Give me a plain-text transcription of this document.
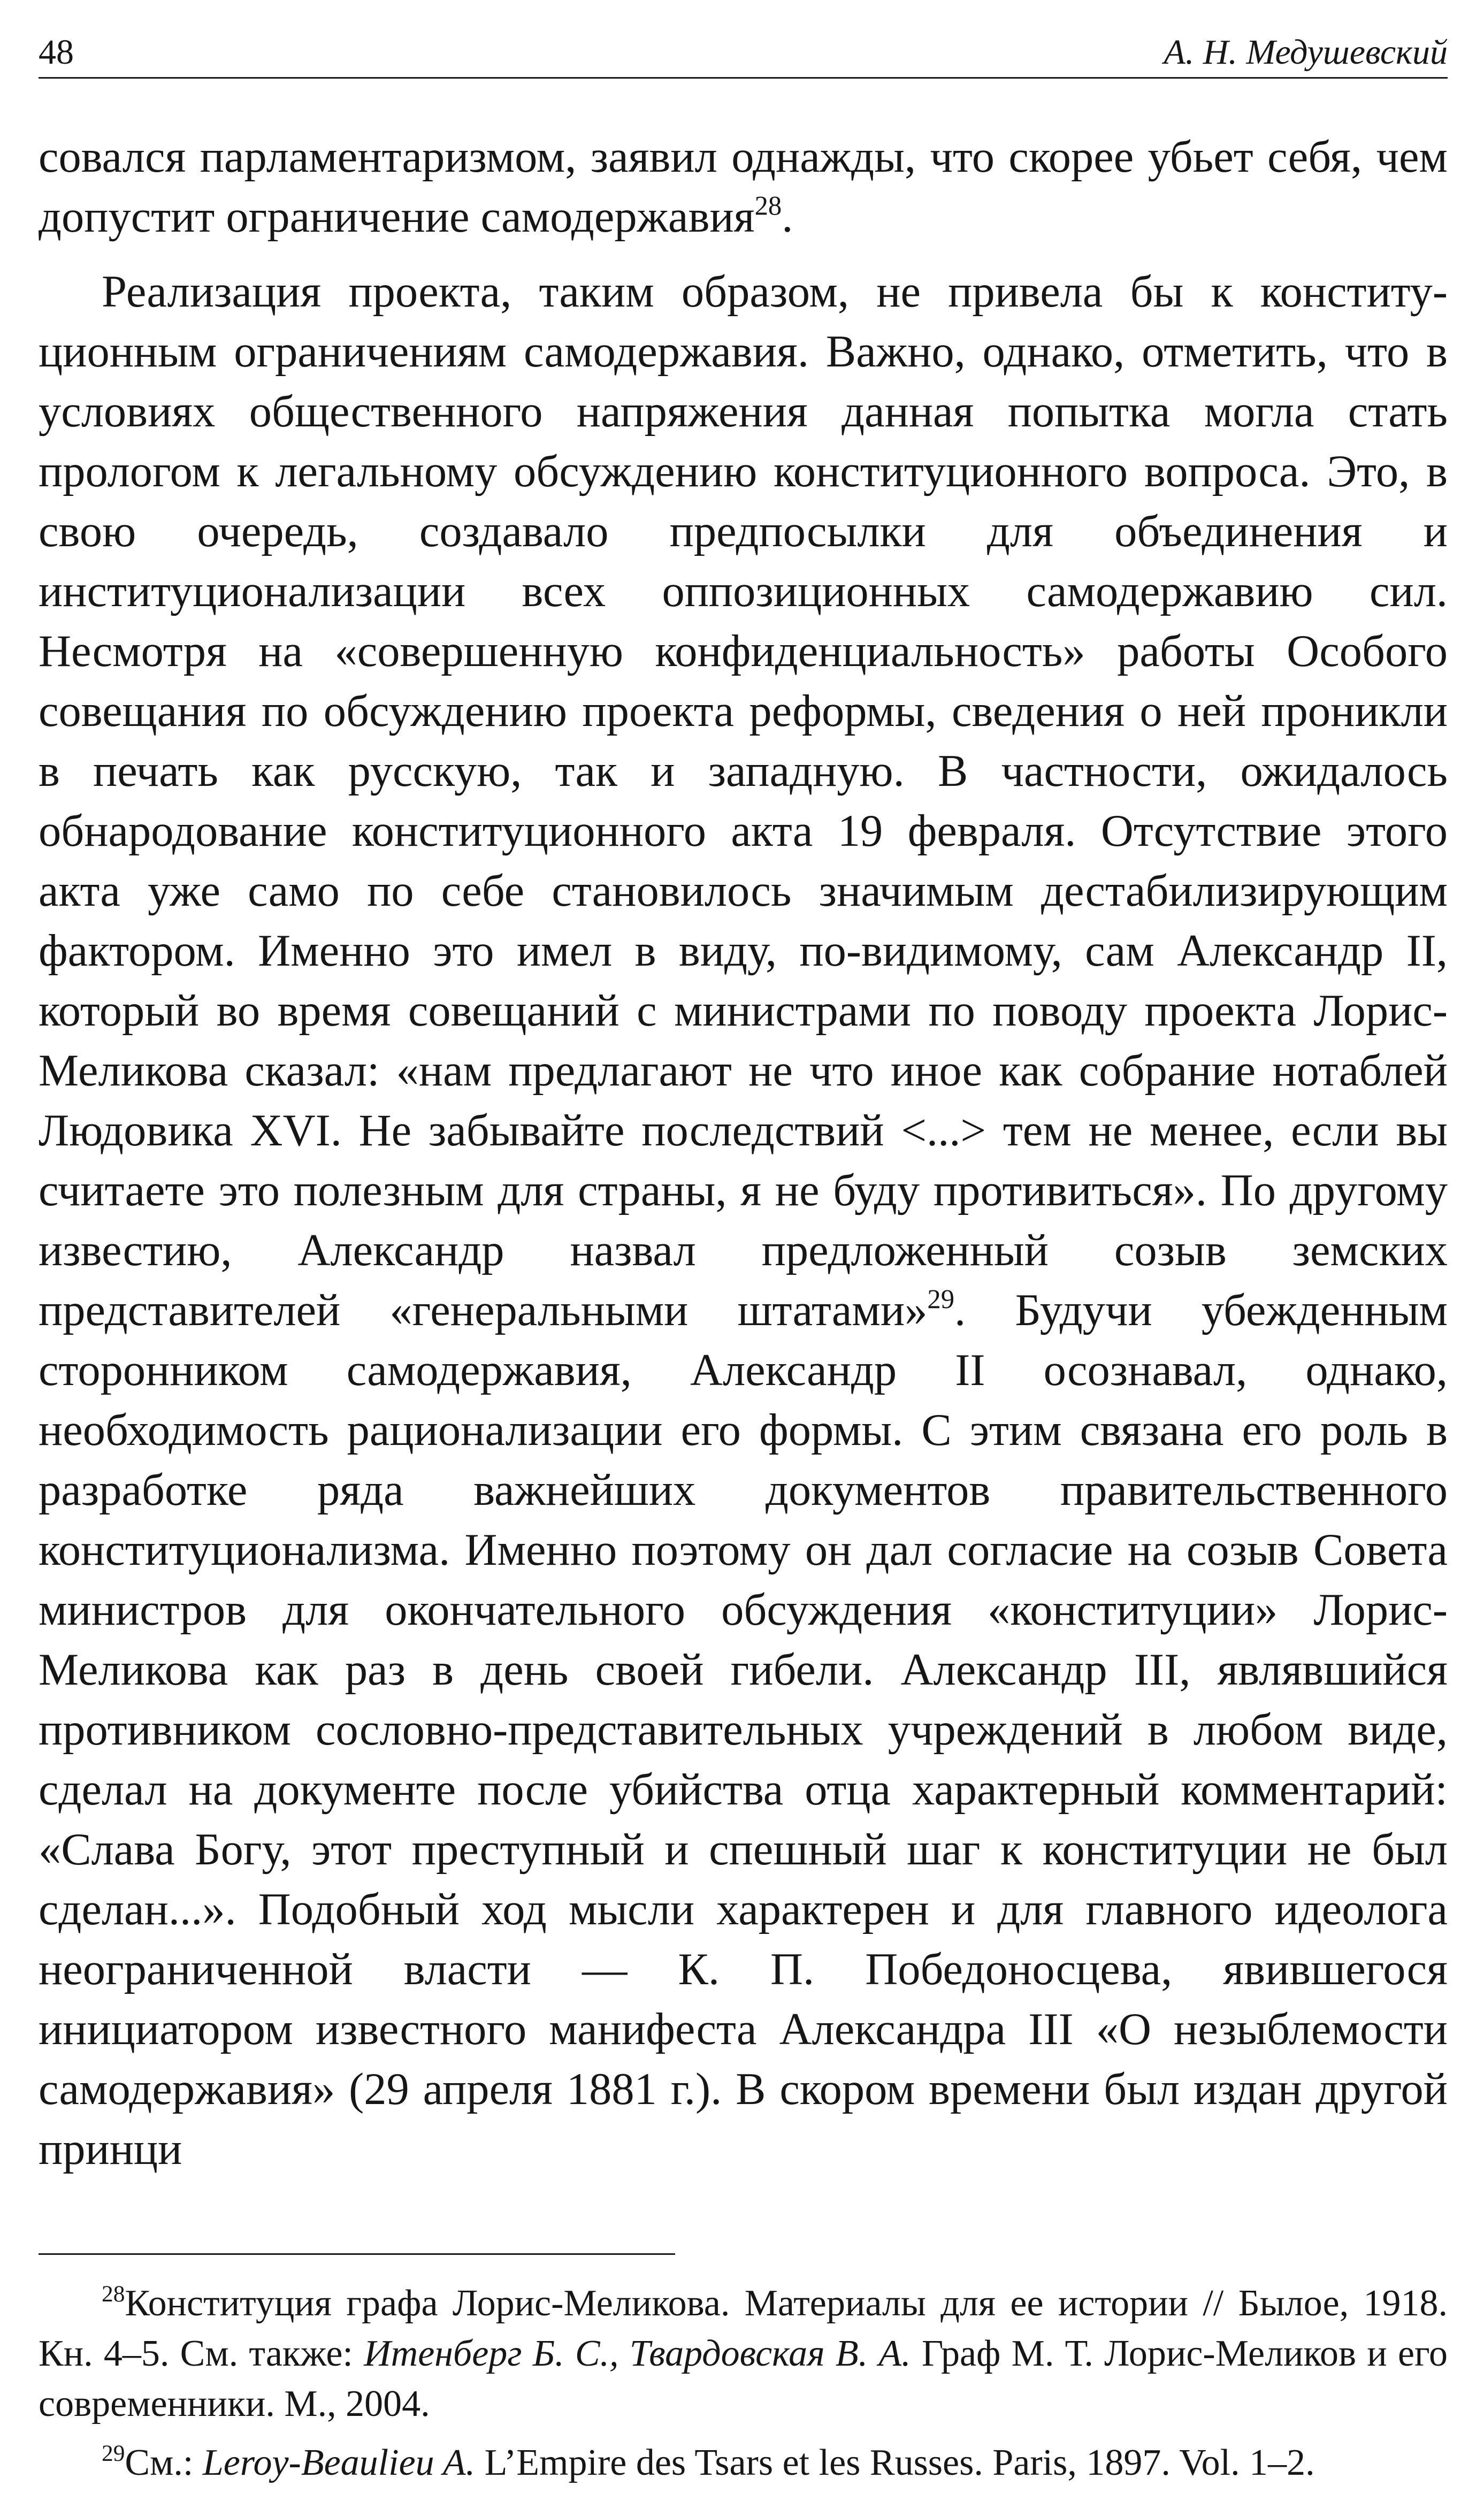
48	А. Н. Медушевский

совался парламентаризмом, заявил однажды, что скорее убьет себя, чем допустит ограничение самодержавия$^{28}$.

Реализация проекта, таким образом, не привела бы к конституционным ограничениям самодержавия. Важно, однако, отметить, что в условиях общественного напряжения данная попытка могла стать прологом к легальному обсуждению конституционного вопроса. Это, в свою очередь, создавало предпосылки для объединения и институционализации всех оппозиционных самодержавию сил. Несмотря на «совершенную конфиденциальность» работы Особого совещания по обсуждению проекта реформы, сведения о ней проникли в печать как русскую, так и западную. В частности, ожидалось обнародование конституционного акта 19 февраля. Отсутствие этого акта уже само по себе становилось значимым дестабилизирующим фактором. Именно это имел в виду, по-видимому, сам Александр II, который во время совещаний с министрами по поводу проекта Лорис-Меликова сказал: «нам предлагают не что иное как собрание нотаблей Людовика XVI. Не забывайте последствий <...> тем не менее, если вы считаете это полезным для страны, я не буду противиться». По другому известию, Александр назвал предложенный созыв земских представителей «генеральными штатами»$^{29}$. Будучи убежденным сторонником самодержавия, Александр II осознавал, однако, необходимость рационализации его формы. С этим связана его роль в разработке ряда важнейших документов правительственного конституционализма. Именно поэтому он дал согласие на созыв Совета министров для окончательного обсуждения «конституции» Лорис-Меликова как раз в день своей гибели. Александр III, являвшийся противником сословно-представительных учреждений в любом виде, сделал на документе после убийства отца характерный комментарий: «Слава Богу, этот преступный и спешный шаг к конституции не был сделан...». Подобный ход мысли характерен и для главного идеолога неограниченной власти — К. П. Победоносцева, явившегося инициатором известного манифеста Александра III «О незыблемости самодержавия» (29 апреля 1881 г.). В скором времени был издан другой принци

$^{28}$Конституция графа Лорис-Меликова. Материалы для ее истории // Былое, 1918. Кн. 4–5. См. также: Итенберг Б. С., Твардовская В. А. Граф М. Т. Лорис-Меликов и его современники. М., 2004.

$^{29}$См.: Leroy-Beaulieu A. L’Empire des Tsars et les Russes. Paris, 1897. Vol. 1–2.
